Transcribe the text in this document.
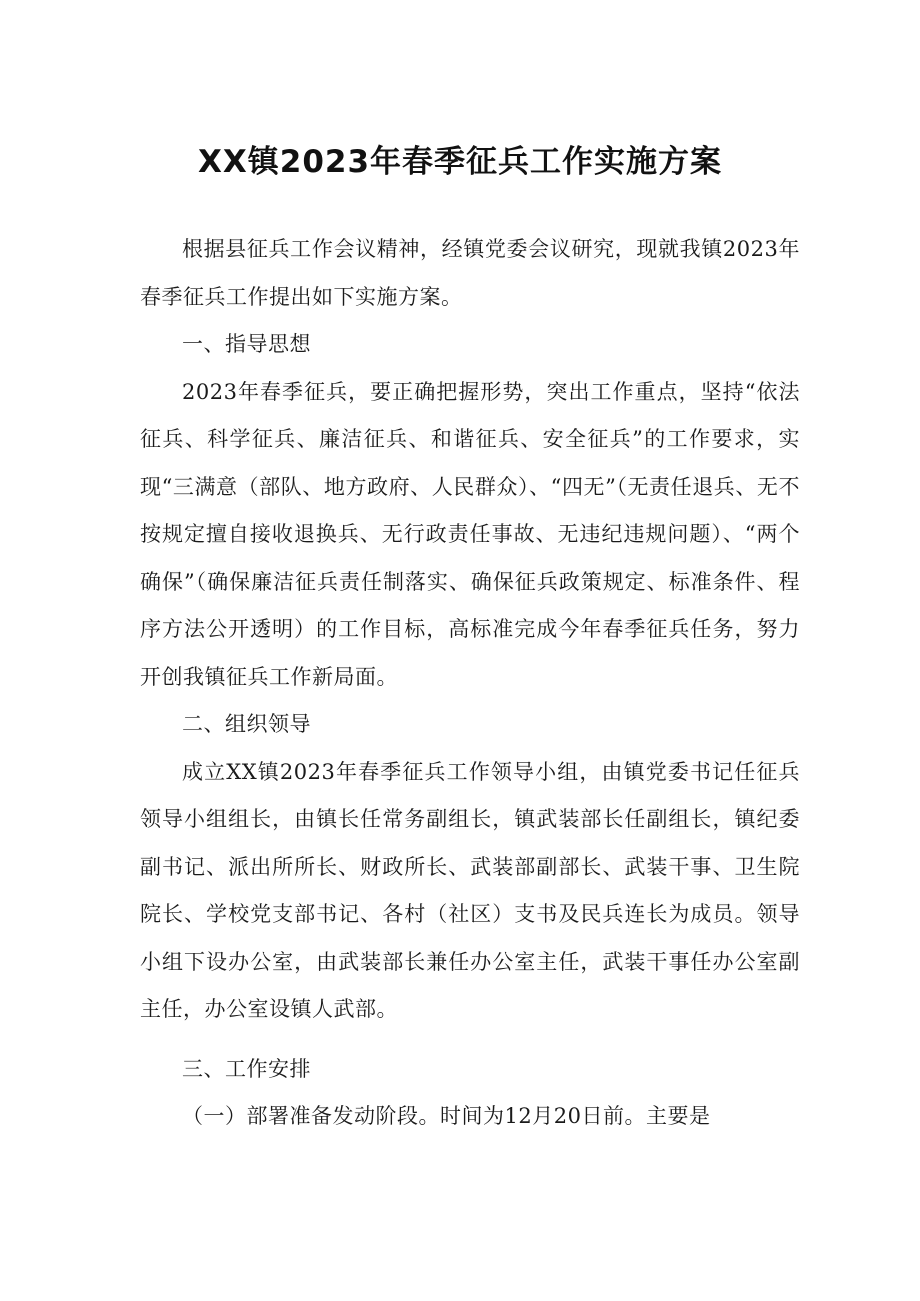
XX镇2023年春季征兵工作实施方案

根据县征兵工作会议精神，经镇党委会议研究，现就我镇2023年春季征兵工作提出如下实施方案。

一、指导思想

2023年春季征兵，要正确把握形势，突出工作重点，坚持“依法征兵、科学征兵、廉洁征兵、和谐征兵、安全征兵”的工作要求，实现“三满意（部队、地方政府、人民群众）、“四无”（无责任退兵、无不按规定擅自接收退换兵、无行政责任事故、无违纪违规问题）、“两个确保”（确保廉洁征兵责任制落实、确保征兵政策规定、标准条件、程序方法公开透明）的工作目标，高标准完成今年春季征兵任务，努力开创我镇征兵工作新局面。

二、组织领导

成立XX镇2023年春季征兵工作领导小组，由镇党委书记任征兵领导小组组长，由镇长任常务副组长，镇武装部长任副组长，镇纪委副书记、派出所所长、财政所长、武装部副部长、武装干事、卫生院院长、学校党支部书记、各村（社区）支书及民兵连长为成员。领导小组下设办公室，由武装部长兼任办公室主任，武装干事任办公室副主任，办公室设镇人武部。

三、工作安排

（一）部署准备发动阶段。时间为12月20日前。主要是
